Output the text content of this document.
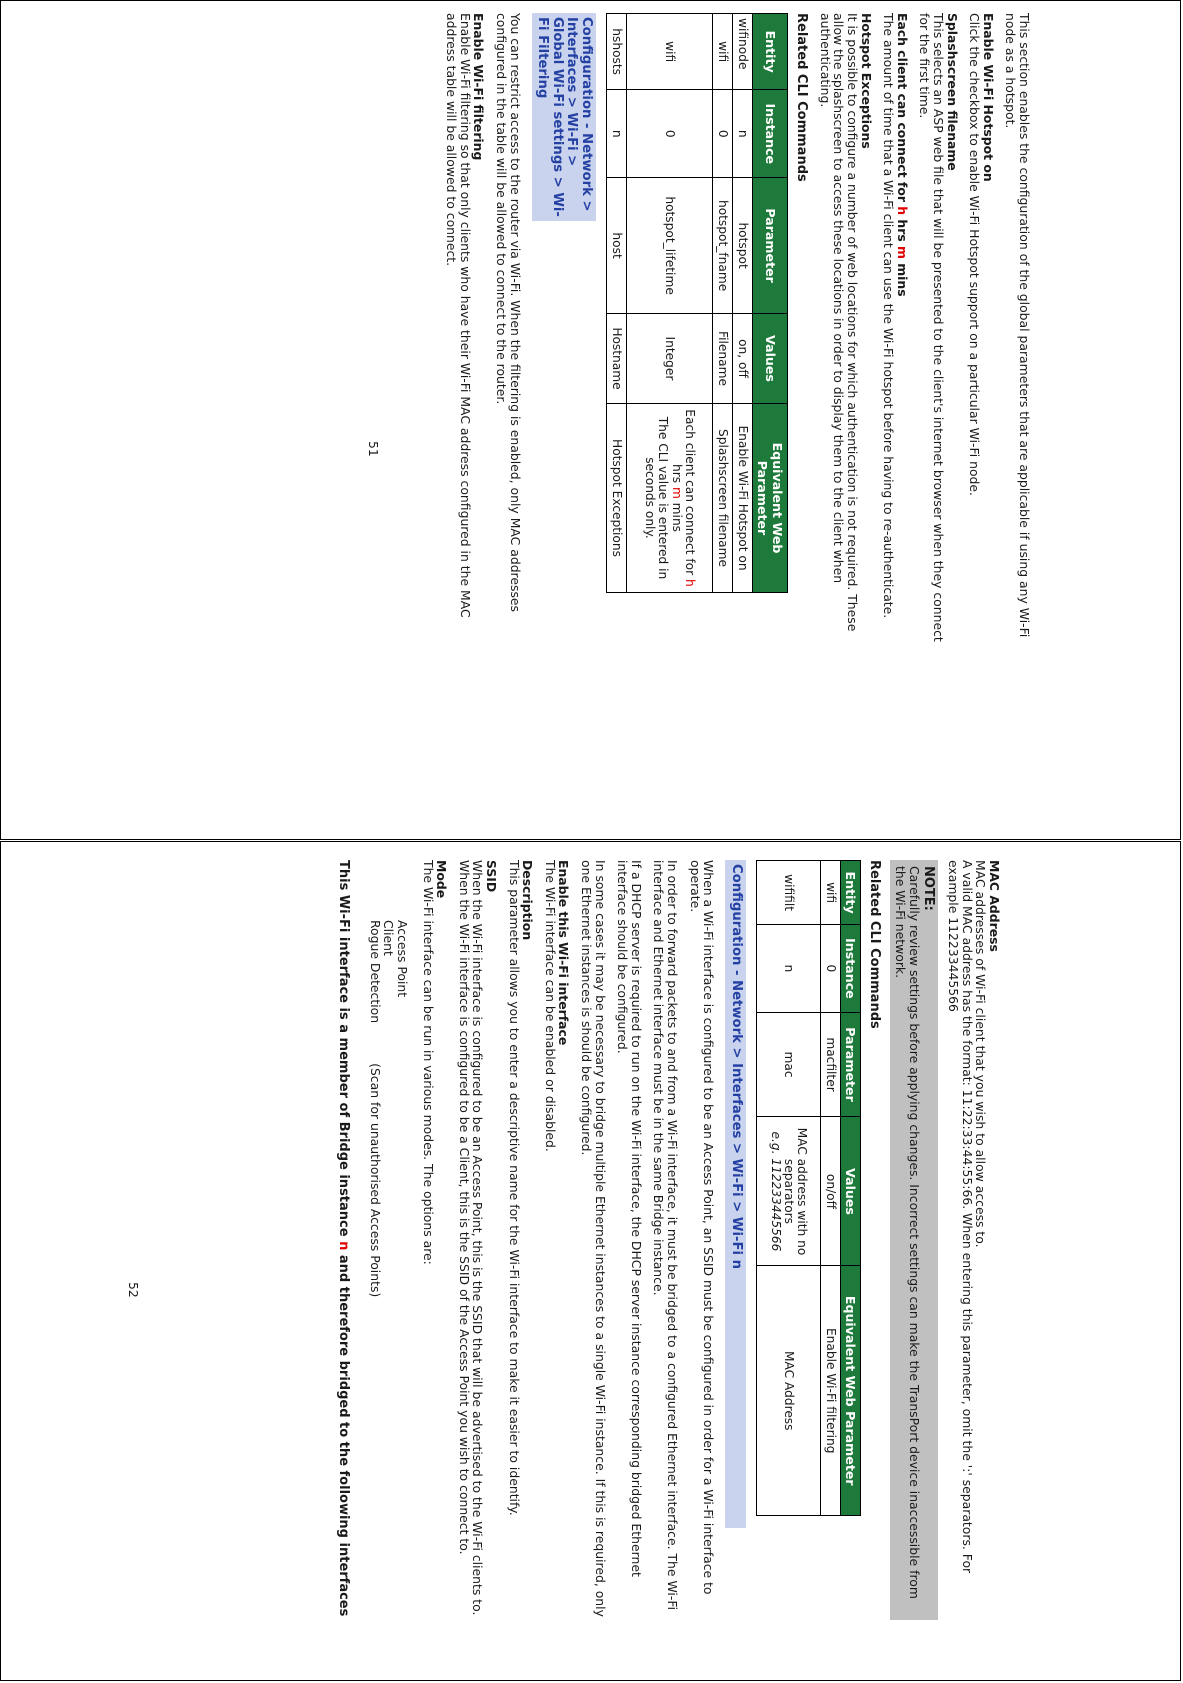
This section enables the configuration of the global parameters that are applicable if using any Wi-Fi node as a hotspot.

Enable Wi-Fi Hotspot on
Click the checkbox to enable Wi-Fi Hotspot support on a particular Wi-Fi node.

Splashscreen filename
This selects an ASP web file that will be presented to the client's internet browser when they connect for the first time.

Each client can connect for h hrs m mins
The amount of time that a Wi-Fi client can use the Wi-Fi hotspot before having to re-authenticate.

Hotspot Exceptions
It is possible to configure a number of web locations for which authentication is not required. These allow the splashscreen to access these locations in order to display them to the client when authenticating.

Related CLI Commands
Entity	Instance	Parameter	Values	Equivalent Web Parameter
wifinode	n	hotspot	on, off	Enable Wi-Fi Hotspot on
wifi	0	hotspot_fname	Filename	Splashscreen filename
wifi	0	hotspot_lifetime	Integer	Each client can connect for h hrs m mins
The CLI value is entered in seconds only.
hshosts	n	host	Hostname	Hotspot Exceptions
Configuration - Network > Interfaces > Wi-Fi > Global Wi-Fi settings > Wi-Fi Filtering

You can restrict access to the router via Wi-Fi. When the filtering is enabled, only MAC addresses configured in the table will be allowed to connect to the router.

Enable Wi-Fi filtering
Enable Wi-Fi filtering so that only clients who have their Wi-Fi MAC address configured in the MAC address table will be allowed to connect.

51

MAC Address
MAC addresses of Wi-Fi client that you wish to allow access to.
A valid MAC address has the format: 11:22:33:44:55:66. When entering this parameter, omit the ':' separators. For example 112233445566

NOTE:
Carefully review settings before applying changes. Incorrect settings can make the TransPort device inaccessible from the Wi-Fi network.
Related CLI Commands
Entity	Instance	Parameter	Values	Equivalent Web Parameter
wifi	0	macfilter	on/off	Enable Wi-Fi filtering
wififilt	n	mac	MAC address with no separators
e.g. 112233445566	MAC Address
Configuration - Network > Interfaces > Wi-Fi > Wi-Fi n

When a Wi-Fi interface is configured to be an Access Point, an SSID must be configured in order for a Wi-Fi interface to operate.

In order to forward packets to and from a Wi-Fi interface, it must be bridged to a configured Ethernet interface. The Wi-Fi interface and Ethernet interface must be in the same Bridge instance.

If a DHCP server is required to run on the Wi-Fi interface, the DHCP server instance corresponding bridged Ethernet interface should be configured.

In some cases it may be necessary to bridge multiple Ethernet instances to a single Wi-Fi instance. If this is required, only one Ethernet instances is should be configured.

Enable this Wi-Fi interface
The Wi-Fi interface can be enabled or disabled.

Description
This parameter allows you to enter a descriptive name for the Wi-Fi interface to make it easier to identify.

SSID
When the Wi-Fi interface is configured to be an Access Point, this is the SSID that will be advertised to the Wi-Fi clients to. When the Wi-Fi interface is configured to be a Client, this is the SSID of the Access Point you wish to connect to.

Mode
The Wi-Fi interface can be run in various modes. The options are:

Access Point
Client
Rogue Detection(Scan for unauthorised Access Points)
This Wi-Fi interface is a member of Bridge instance n and therefore bridged to the following interfaces
52
